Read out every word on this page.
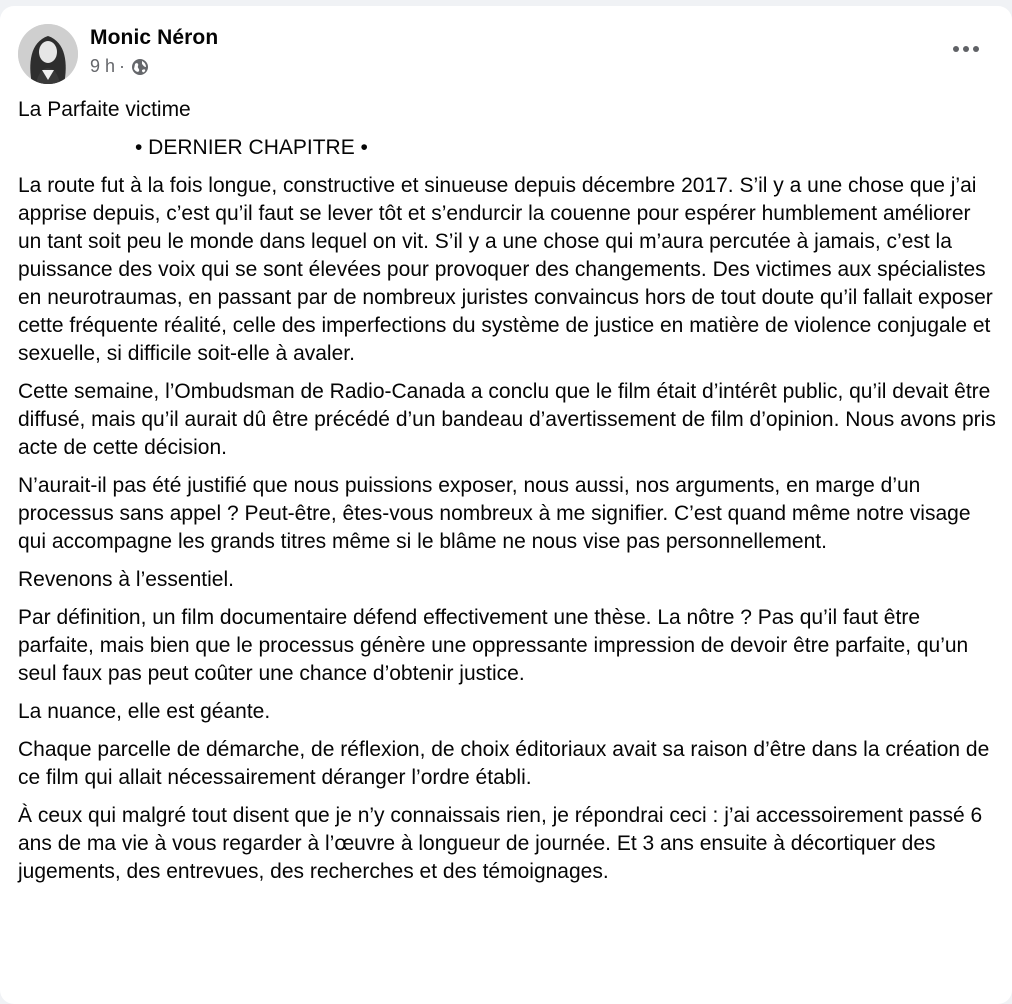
Monic Néron
9 h ·

La Parfaite victime

• DERNIER CHAPITRE •

La route fut à la fois longue, constructive et sinueuse depuis décembre 2017. S’il y a une chose que j’ai apprise depuis, c’est qu’il faut se lever tôt et s’endurcir la couenne pour espérer humblement améliorer un tant soit peu le monde dans lequel on vit. S’il y a une chose qui m’aura percutée à jamais, c’est la puissance des voix qui se sont élevées pour provoquer des changements. Des victimes aux spécialistes en neurotraumas, en passant par de nombreux juristes convaincus hors de tout doute qu’il fallait exposer cette fréquente réalité, celle des imperfections du système de justice en matière de violence conjugale et sexuelle, si difficile soit-elle à avaler.

Cette semaine, l’Ombudsman de Radio-Canada a conclu que le film était d’intérêt public, qu’il devait être diffusé, mais qu’il aurait dû être précédé d’un bandeau d’avertissement de film d’opinion. Nous avons pris acte de cette décision.

N’aurait-il pas été justifié que nous puissions exposer, nous aussi, nos arguments, en marge d’un processus sans appel ? Peut-être, êtes-vous nombreux à me signifier. C’est quand même notre visage qui accompagne les grands titres même si le blâme ne nous vise pas personnellement.

Revenons à l’essentiel.

Par définition, un film documentaire défend effectivement une thèse. La nôtre ? Pas qu’il faut être parfaite, mais bien que le processus génère une oppressante impression de devoir être parfaite, qu’un seul faux pas peut coûter une chance d’obtenir justice.

La nuance, elle est géante.

Chaque parcelle de démarche, de réflexion, de choix éditoriaux avait sa raison d’être dans la création de ce film qui allait nécessairement déranger l’ordre établi.

À ceux qui malgré tout disent que je n’y connaissais rien, je répondrai ceci : j’ai accessoirement passé 6 ans de ma vie à vous regarder à l’œuvre à longueur de journée. Et 3 ans ensuite à décortiquer des jugements, des entrevues, des recherches et des témoignages.
